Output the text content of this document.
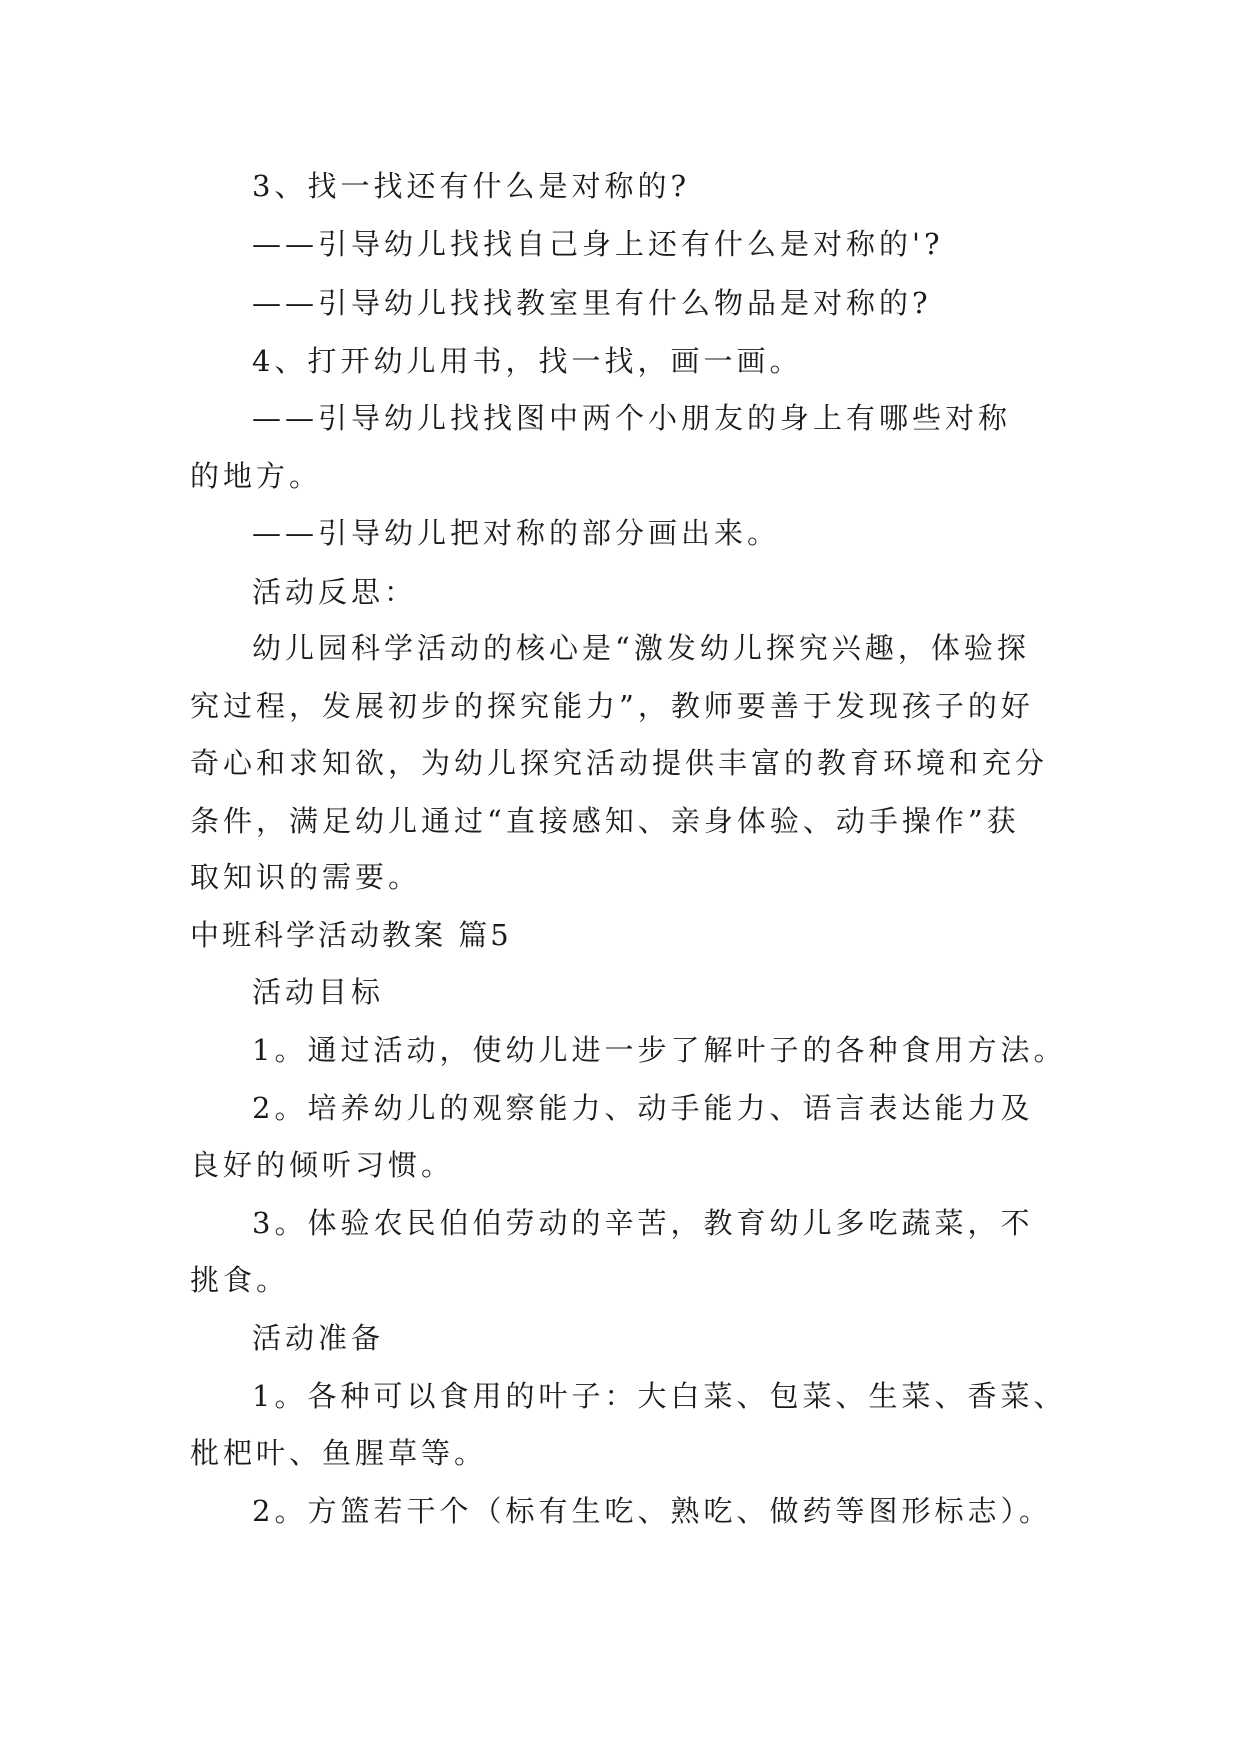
3、找一找还有什么是对称的?
——引导幼儿找找自己身上还有什么是对称的'?
——引导幼儿找找教室里有什么物品是对称的?
4、打开幼儿用书，找一找，画一画。
——引导幼儿找找图中两个小朋友的身上有哪些对称
的地方。
——引导幼儿把对称的部分画出来。
活动反思：
幼儿园科学活动的核心是“激发幼儿探究兴趣，体验探
究过程，发展初步的探究能力”，教师要善于发现孩子的好
奇心和求知欲，为幼儿探究活动提供丰富的教育环境和充分
条件，满足幼儿通过“直接感知、亲身体验、动手操作”获
取知识的需要。
中班科学活动教案 篇5
活动目标
1。通过活动，使幼儿进一步了解叶子的各种食用方法。
2。培养幼儿的观察能力、动手能力、语言表达能力及
良好的倾听习惯。
3。体验农民伯伯劳动的辛苦，教育幼儿多吃蔬菜，不
挑食。
活动准备
1。各种可以食用的叶子：大白菜、包菜、生菜、香菜、
枇杷叶、鱼腥草等。
2。方篮若干个（标有生吃、熟吃、做药等图形标志）。
